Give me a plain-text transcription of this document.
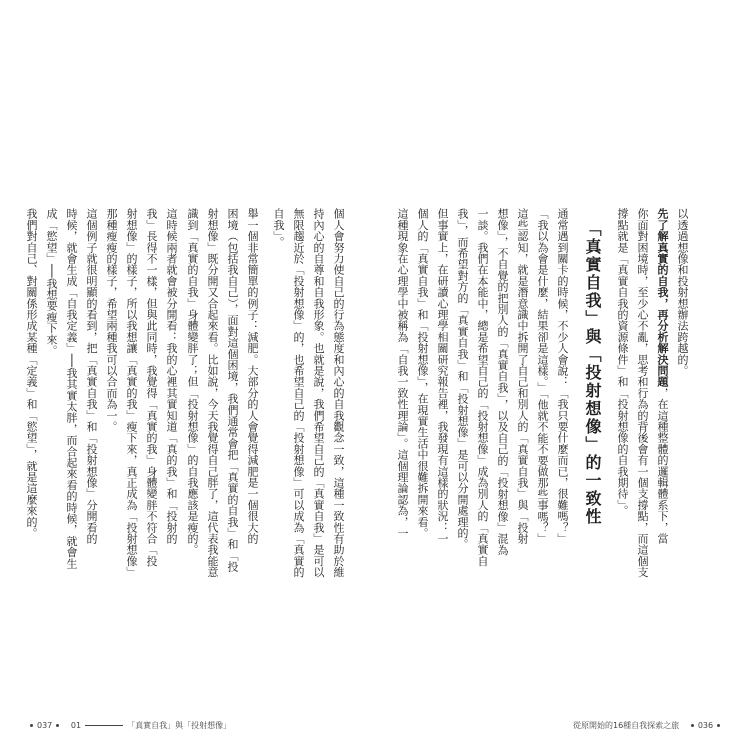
個人會努力使自己的行為態度和內心的自我觀念一致，這種一致性有助於維
持內心的自尊和自我形象。也就是說，我們希望自己的「真實自我」是可以
無限趨近於「投射想像」的，也希望自己的「投射想像」可以成為「真實的
自我」。
舉一個非常簡單的例子：減肥。大部分的人會覺得減肥是一個很大的
困境（包括我自己），面對這個困境，我們通常會把「真實的自我」和「投
射想像」既分開又合起來看。比如說，今天我覺得自己胖了，這代表我能意
識到「真實的自我」身體變胖了；但「投射想像」的自我應該是瘦的。
這時候兩者就會被分開看：我的心裡其實知道「真的我」和「投射的
我」長得不一樣，但與此同時，我覺得「真實的我」身體變胖不符合「投
射想像」的樣子，所以我想讓「真實的我」瘦下來，真正成為「投射想像」
那種瘦瘦的樣子，希望兩種我可以合而為一。
這個例子就很明顯的看到，把「真實自我」和「投射想像」分開看的
時候，就會生成「自我定義」──我其實太胖，而合起來看的時候，就會生
成「慾望」──我想要瘦下來。
我們對自己、對關係形成某種「定義」和「慾望」，就是這麼來的。
037 01	「真實自我」與「投射想像」
以透過想像和投射想辦法跨越的。
先了解真實的自我，再分析解決問題，在這種整體的邏輯體系下，當
你面對困境時，至少心不亂，思考和行為的背後會有一個支撐點，而這個支
撐點就是「真實自我的資源條件」和「投射想像的自我期待」。
「真實自我」與「投射想像」的一致性
通常遇到關卡的時候，不少人會說：「我只要什麼而已，很難嗎？」
「我以為會是什麼，結果卻是這樣。」「他就不能不要做那些事嗎？」
這些認知，就是潛意識中拆開了自己和別人的「真實自我」與「投射
想像」，不自覺的把別人的「真實自我」，以及自己的「投射想像」混為
一談。我們在本能中，總是希望自己的「投射想像」成為別人的「真實自
我」，而希望對方的「真實自我」和「投射想像」是可以分開處理的。
但事實上，在研讀心理學相關研究報告裡，我發現有這樣的狀況：一
個人的「真實自我」和「投射想像」，在現實生活中很難拆開來看。
這種現象在心理學中被稱為「自我一致性理論」。這個理論認為，一
從原開始的16種自我探索之旅 036
